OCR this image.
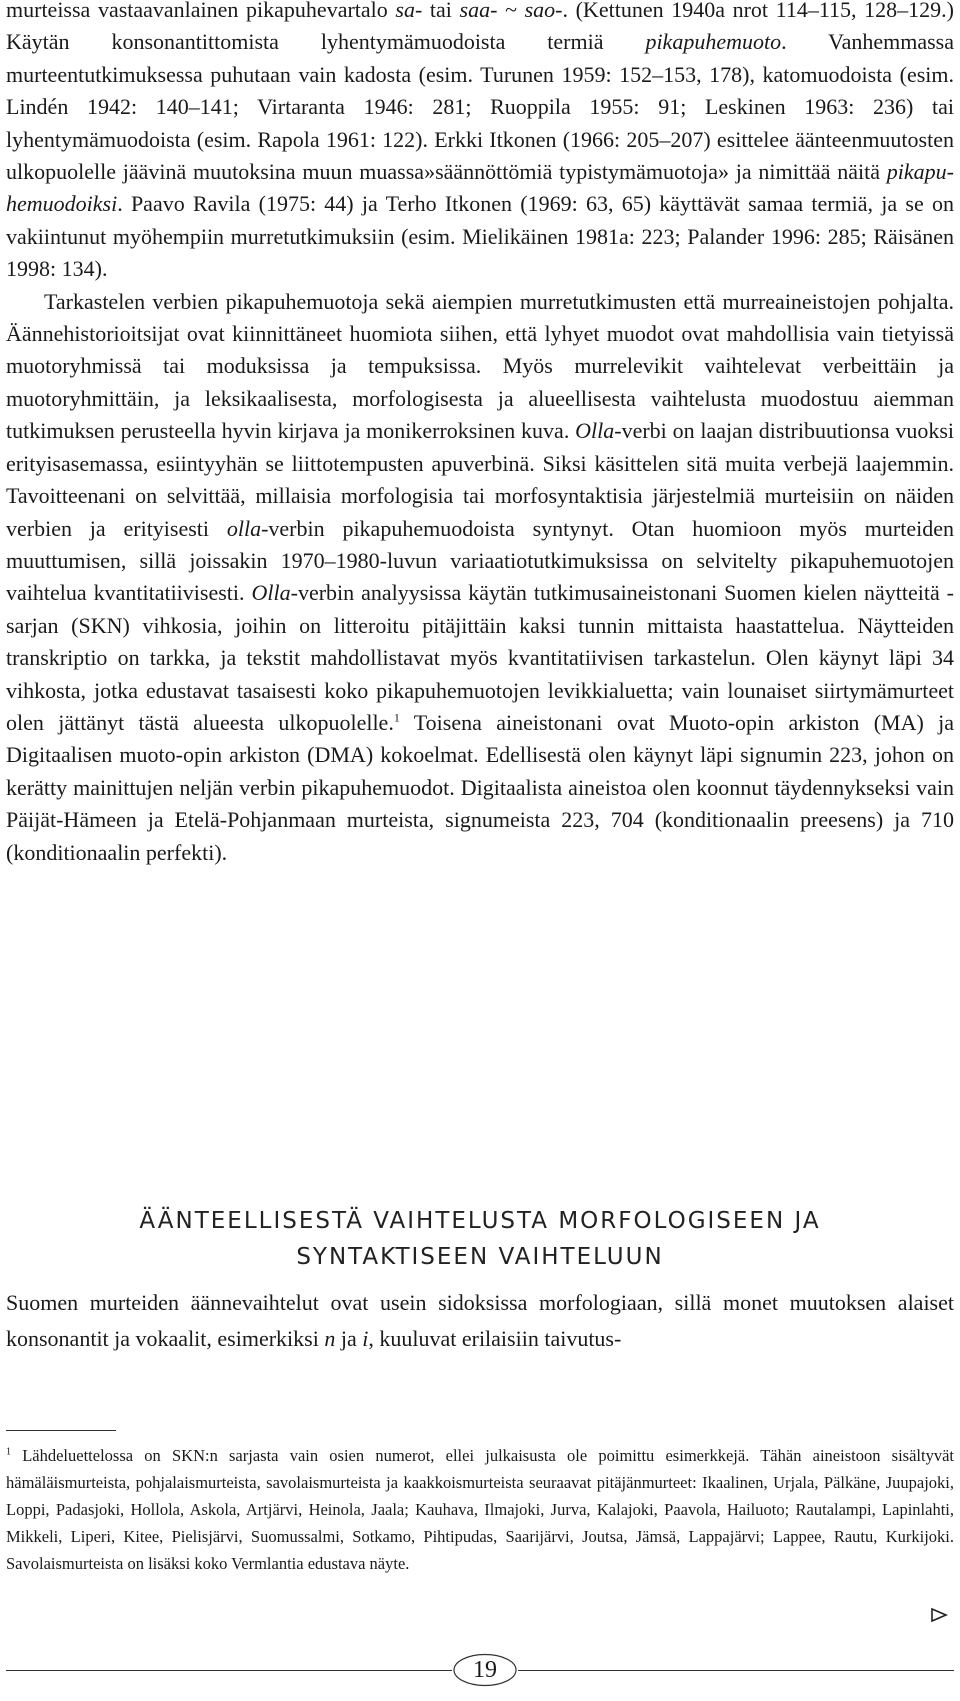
murteissa vastaavanlainen pikapuhevartalo sa- tai saa- ~ sao-. (Kettunen 1940a nrot 114–115, 128–129.) Käytän konsonantittomista lyhentymämuodoista termiä pikapuhemuoto. Vanhemmassa murteentutkimuksessa puhutaan vain kadosta (esim. Turunen 1959: 152–153, 178), katomuodoista (esim. Lindén 1942: 140–141; Virtaranta 1946: 281; Ruoppila 1955: 91; Leskinen 1963: 236) tai lyhentymämuodoista (esim. Rapola 1961: 122). Erkki Itkonen (1966: 205–207) esittelee äänteenmuutosten ulkopuolelle jäävinä muutoksina muun muassa»säännöttömiä typistymämuotoja» ja nimittää näitä pikapuhemuodoiksi. Paavo Ravila (1975: 44) ja Terho Itkonen (1969: 63, 65) käyttävät samaa termiä, ja se on vakiintunut myöhempiin murretutkimuksiin (esim. Mielikäinen 1981a: 223; Palander 1996: 285; Räisänen 1998: 134).

Tarkastelen verbien pikapuhemuotoja sekä aiempien murretutkimusten että murreaineistojen pohjalta. Äännehistorioitsijat ovat kiinnittäneet huomiota siihen, että lyhyet muodot ovat mahdollisia vain tietyissä muotoryhmissä tai moduksissa ja tempuksissa. Myös murrelevikit vaihtelevat verbeittäin ja muotoryhmittäin, ja leksikaalisesta, morfologisesta ja alueellisesta vaihtelusta muodostuu aiemman tutkimuksen perusteella hyvin kirjava ja monikerroksinen kuva. Olla-verbi on laajan distribuutionsa vuoksi erityisasemassa, esiintyyhän se liittotempusten apuverbinä. Siksi käsittelen sitä muita verbejä laajemmin. Tavoitteenani on selvittää, millaisia morfologisia tai morfosyntaktisia järjestelmiä murteisiin on näiden verbien ja erityisesti olla-verbin pikapuhemuodoista syntynyt. Otan huomioon myös murteiden muuttumisen, sillä joissakin 1970–1980-luvun variaatiotutkimuksissa on selvitelty pikapuhemuotojen vaihtelua kvantitatiivisesti. Olla-verbin analyysissa käytän tutkimusaineistonani Suomen kielen näytteitä -sarjan (SKN) vihkosia, joihin on litteroitu pitäjittäin kaksi tunnin mittaista haastattelua. Näytteiden transkriptio on tarkka, ja tekstit mahdollistavat myös kvantitatiivisen tarkastelun. Olen käynyt läpi 34 vihkosta, jotka edustavat tasaisesti koko pikapuhemuotojen levikkialuetta; vain lounaiset siirtymämurteet olen jättänyt tästä alueesta ulkopuolelle.$^1$ Toisena aineistonani ovat Muoto-opin arkiston (MA) ja Digitaalisen muoto-opin arkiston (DMA) kokoelmat. Edellisestä olen käynyt läpi signumin 223, johon on kerätty mainittujen neljän verbin pikapuhemuodot. Digitaalista aineistoa olen koonnut täydennykseksi vain Päijät-Hämeen ja Etelä-Pohjanmaan murteista, signumeista 223, 704 (konditionaalin preesens) ja 710 (konditionaalin perfekti).

ÄÄNTEELLISESTÄ VAIHTELUSTA MORFOLOGISEEN JA
SYNTAKTISEEN VAIHTELUUN

Suomen murteiden äännevaihtelut ovat usein sidoksissa morfologiaan, sillä monet muutoksen alaiset konsonantit ja vokaalit, esimerkiksi n ja i, kuuluvat erilaisiin taivutus-

$^1$ Lähdeluettelossa on SKN:n sarjasta vain osien numerot, ellei julkaisusta ole poimittu esimerkkejä. Tähän aineistoon sisältyvät hämäläismurteista, pohjalaismurteista, savolaismurteista ja kaakkoismurteista seuraavat pitäjänmurteet: Ikaalinen, Urjala, Pälkäne, Juupajoki, Loppi, Padasjoki, Hollola, Askola, Artjärvi, Heinola, Jaala; Kauhava, Ilmajoki, Jurva, Kalajoki, Paavola, Hailuoto; Rautalampi, Lapinlahti, Mikkeli, Liperi, Kitee, Pielisjärvi, Suomussalmi, Sotkamo, Pihtipudas, Saarijärvi, Joutsa, Jämsä, Lappajärvi; Lappee, Rautu, Kurkijoki. Savolaismurteista on lisäksi koko Vermlantia edustava näyte.

19
